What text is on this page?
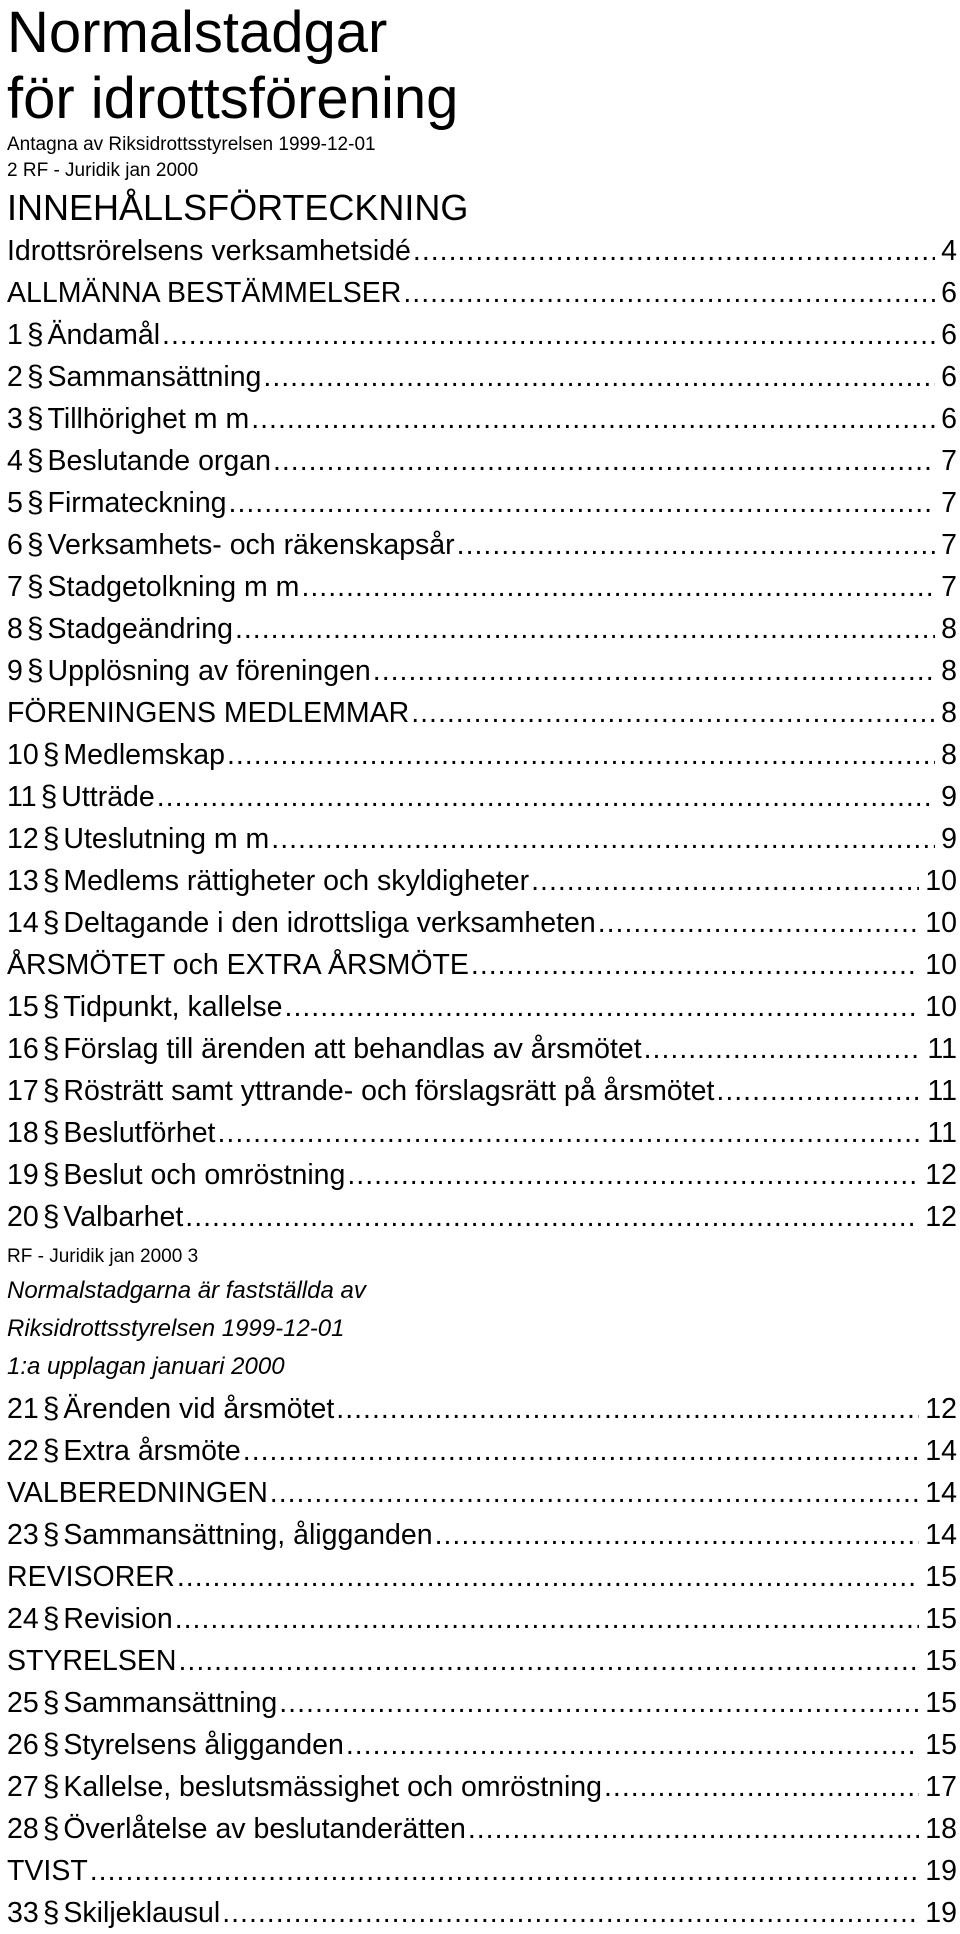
Normalstadgar
för idrottsförening
Antagna av Riksidrottsstyrelsen 1999-12-01
2 RF - Juridik jan 2000
INNEHÅLLSFÖRTECKNING
Idrottsrörelsens verksamhetsidé .....	4
ALLMÄNNA BESTÄMMELSER .....	6
1 § Ändamål .....	6
2 § Sammansättning .....	6
3 § Tillhörighet m m .....	6
4 § Beslutande organ .....	7
5 § Firmateckning .....	7
6 § Verksamhets- och räkenskapsår .....	7
7 § Stadgetolkning m m .....	7
8 § Stadgeändring .....	8
9 § Upplösning av föreningen .....	8
FÖRENINGENS MEDLEMMAR .....	8
10 § Medlemskap .....	8
11 § Utträde .....	9
12 § Uteslutning m m .....	9
13 § Medlems rättigheter och skyldigheter .....	10
14 § Deltagande i den idrottsliga verksamheten .....	10
ÅRSMÖTET och EXTRA ÅRSMÖTE .....	10
15 § Tidpunkt, kallelse .....	10
16 § Förslag till ärenden att behandlas av årsmötet .....	11
17 § Rösträtt samt yttrande- och förslagsrätt på årsmötet .....	11
18 § Beslutförhet .....	11
19 § Beslut och omröstning .....	12
20 § Valbarhet .....	12
RF - Juridik jan 2000 3
Normalstadgarna är fastställda av
Riksidrottsstyrelsen 1999-12-01
1:a upplagan januari 2000
21 § Ärenden vid årsmötet .....	12
22 § Extra årsmöte .....	14
VALBEREDNINGEN .....	14
23 § Sammansättning, åligganden .....	14
REVISORER .....	15
24 § Revision .....	15
STYRELSEN .....	15
25 § Sammansättning .....	15
26 § Styrelsens åligganden .....	15
27 § Kallelse, beslutsmässighet och omröstning .....	17
28 § Överlåtelse av beslutanderätten .....	18
TVIST .....	19
33 § Skiljeklausul .....	19
